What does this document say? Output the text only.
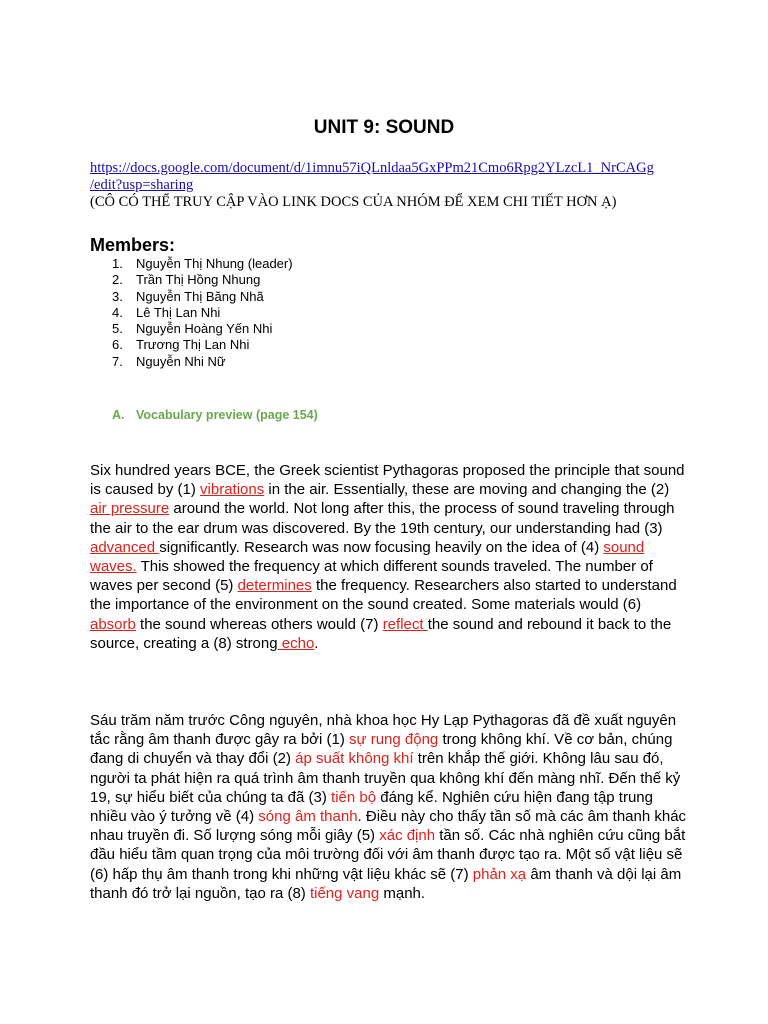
UNIT 9: SOUND
https://docs.google.com/document/d/1imnu57iQLnldaa5GxPPm21Cmo6Rpg2YLzcL1_NrCAGg
/edit?usp=sharing
(CÔ CÓ THỂ TRUY CẬP VÀO LINK DOCS CỦA NHÓM ĐỂ XEM CHI TIẾT HƠN Ạ)
Members:
1.	Nguyễn Thị Nhung (leader)
2.	Trần Thị Hồng Nhung
3.	Nguyễn Thị Băng Nhã
4.	Lê Thị Lan Nhi
5.	Nguyễn Hoàng Yến Nhi
6.	Trương Thị Lan Nhi
7.	Nguyễn Nhi Nữ
A. Vocabulary preview (page 154)

Six hundred years BCE, the Greek scientist Pythagoras proposed the principle that sound is caused by (1) vibrations in the air. Essentially, these are moving and changing the (2) air pressure around the world. Not long after this, the process of sound traveling through the air to the ear drum was discovered. By the 19th century, our understanding had (3) advanced significantly. Research was now focusing heavily on the idea of (4) sound waves. This showed the frequency at which different sounds traveled. The number of waves per second (5) determines the frequency. Researchers also started to understand the importance of the environment on the sound created. Some materials would (6) absorb the sound whereas others would (7) reflect the sound and rebound it back to the source, creating a (8) strong echo.

Sáu trăm năm trước Công nguyên, nhà khoa học Hy Lạp Pythagoras đã đề xuất nguyên tắc rằng âm thanh được gây ra bởi (1) sự rung động trong không khí. Về cơ bản, chúng đang di chuyển và thay đổi (2) áp suất không khí trên khắp thế giới. Không lâu sau đó, người ta phát hiện ra quá trình âm thanh truyền qua không khí đến màng nhĩ. Đến thế kỷ 19, sự hiểu biết của chúng ta đã (3) tiến bộ đáng kể. Nghiên cứu hiện đang tập trung nhiều vào ý tưởng về (4) sóng âm thanh. Điều này cho thấy tần số mà các âm thanh khác nhau truyền đi. Số lượng sóng mỗi giây (5) xác định tần số. Các nhà nghiên cứu cũng bắt đầu hiểu tầm quan trọng của môi trường đối với âm thanh được tạo ra. Một số vật liệu sẽ (6) hấp thụ âm thanh trong khi những vật liệu khác sẽ (7) phản xạ âm thanh và dội lại âm thanh đó trở lại nguồn, tạo ra (8) tiếng vang mạnh.
